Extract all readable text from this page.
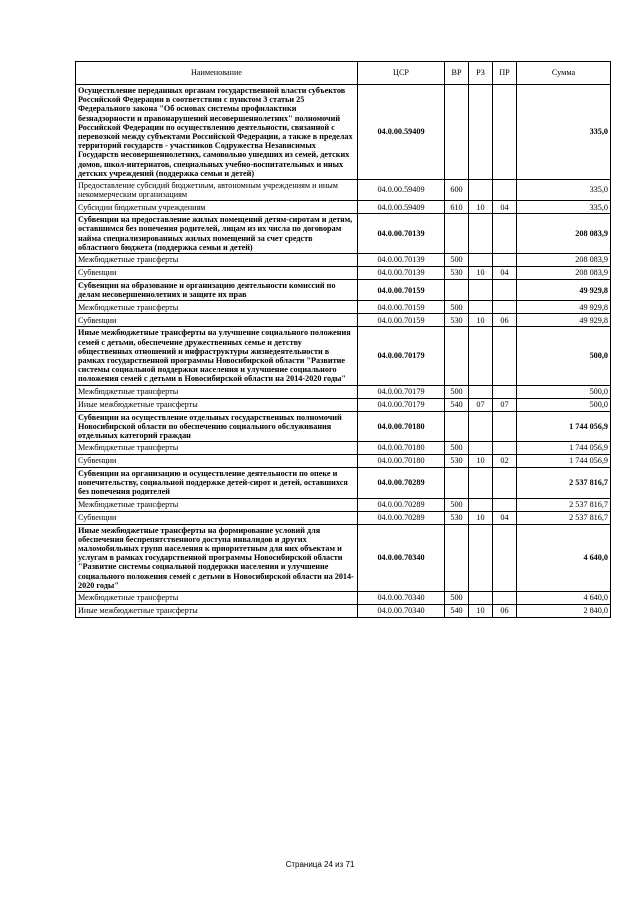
Наименование	ЦСР	ВР	РЗ	ПР	Сумма
Осуществление переданных органам государственной власти субъектов Российской Федерации в соответствии с пунктом 3 статьи 25 Федерального закона "Об основах системы профилактики безнадзорности и правонарушений несовершеннолетних" полномочий Российской Федерации по осуществлению деятельности, связанной с перевозкой между субъектами Российской Федерации, а также в пределах территорий государств - участников Содружества Независимых Государств несовершеннолетних, самовольно ушедших из семей, детских домов, школ-интернатов, специальных учебно-воспитательных и иных детских учреждений (поддержка семьи и детей)	04.0.00.59409				335,0
Предоставление субсидий бюджетным, автономным учреждениям и иным некоммерческим организациям	04.0.00.59409	600			335,0
Субсидии бюджетным учреждениям	04.0.00.59409	610	10	04	335,0
Субвенции на предоставление жилых помещений детям-сиротам и детям, оставшимся без попечения родителей, лицам из их числа по договорам найма специализированных жилых помещений за счет средств областного бюджета (поддержка семьи и детей)	04.0.00.70139				208 083,9
Межбюджетные трансферты	04.0.00.70139	500			208 083,9
Субвенции	04.0.00.70139	530	10	04	208 083,9
Субвенции на образование и организацию деятельности комиссий по делам несовершеннолетних и защите их прав	04.0.00.70159				49 929,8
Межбюджетные трансферты	04.0.00.70159	500			49 929,8
Субвенции	04.0.00.70159	530	10	06	49 929,8
Иные межбюджетные трансферты на улучшение социального положения семей с детьми, обеспечение дружественных семье и детству общественных отношений и инфраструктуры жизнедеятельности в рамках государственной программы Новосибирской области "Развитие системы социальной поддержки населения и улучшение социального положения семей с детьми в Новосибирской области на 2014-2020 годы"	04.0.00.70179				500,0
Межбюджетные трансферты	04.0.00.70179	500			500,0
Иные межбюджетные трансферты	04.0.00.70179	540	07	07	500,0
Субвенции на осуществление отдельных государственных полномочий Новосибирской области по обеспечению социального обслуживания отдельных категорий граждан	04.0.00.70180				1 744 056,9
Межбюджетные трансферты	04.0.00.70180	500			1 744 056,9
Субвенции	04.0.00.70180	530	10	02	1 744 056,9
Субвенции на организацию и осуществление деятельности по опеке и попечительству, социальной поддержке детей-сирот и детей, оставшихся без попечения родителей	04.0.00.70289				2 537 816,7
Межбюджетные трансферты	04.0.00.70289	500			2 537 816,7
Субвенции	04.0.00.70289	530	10	04	2 537 816,7
Иные межбюджетные трансферты на формирование условий для обеспечения беспрепятственного доступа инвалидов и других маломобильных групп населения к приоритетным для них объектам и услугам в рамках государственной программы Новосибирской области "Развитие системы социальной поддержки населения и улучшение социального положения семей с детьми в Новосибирской области на 2014-2020 годы"	04.0.00.70340				4 640,0
Межбюджетные трансферты	04.0.00.70340	500			4 640,0
Иные межбюджетные трансферты	04.0.00.70340	540	10	06	2 840,0
Страница 24 из 71
